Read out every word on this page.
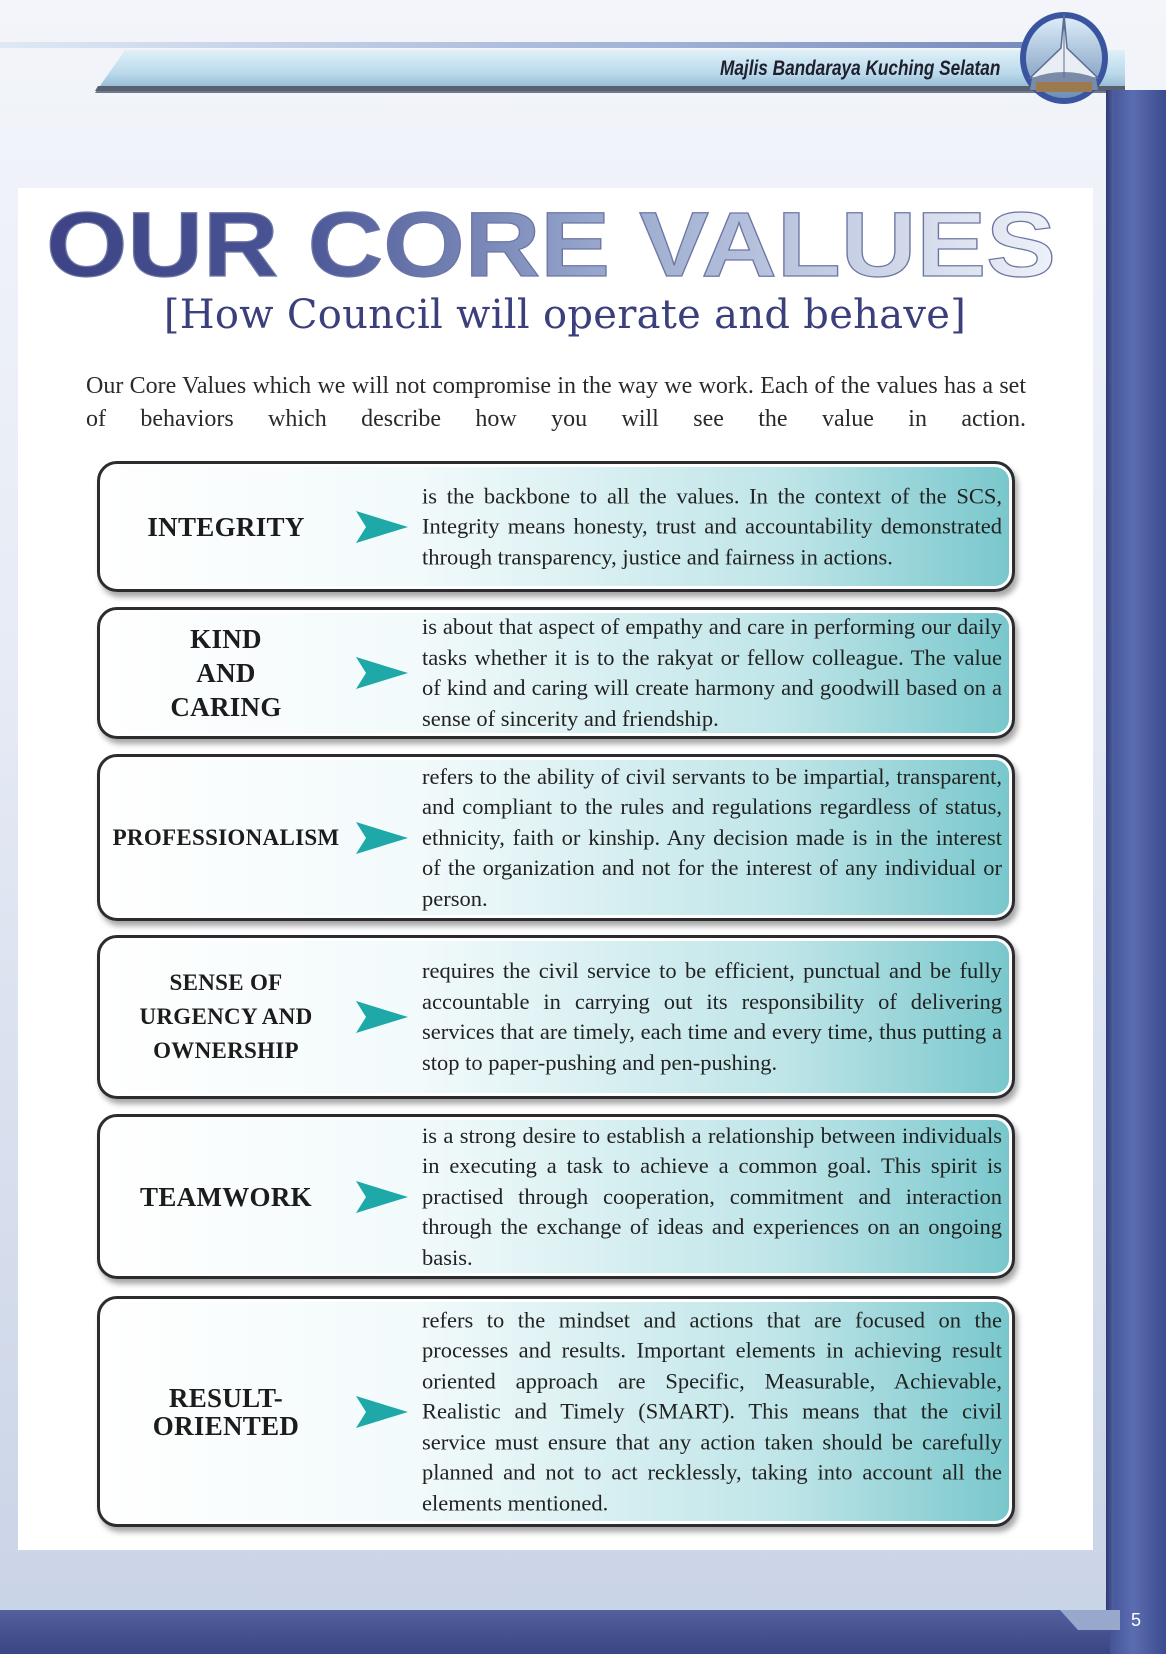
Majlis Bandaraya Kuching Selatan
OUR CORE VALUES
[How Council will operate and behave]
Our Core Values which we will not compromise in the way we work. Each of the values has a set of behaviors which describe how you will see the value in action.
INTEGRITY
is the backbone to all the values. In the context of the SCS, Integrity means honesty, trust and accountability demonstrated through transparency, justice and fairness in actions.
KIND
AND
CARING
is about that aspect of empathy and care in performing our daily tasks whether it is to the rakyat or fellow colleague. The value of kind and caring will create harmony and goodwill based on a sense of sincerity and friendship.
PROFESSIONALISM
refers to the ability of civil servants to be impartial, transparent, and compliant to the rules and regulations regardless of status, ethnicity, faith or kinship. Any decision made is in the interest of the organization and not for the interest of any individual or person.
SENSE OF
URGENCY AND
OWNERSHIP
requires the civil service to be efficient, punctual and be fully accountable in carrying out its responsibility of delivering services that are timely, each time and every time, thus putting a stop to paper-pushing and pen-pushing.
TEAMWORK
is a strong desire to establish a relationship between individuals in executing a task to achieve a common goal. This spirit is practised through cooperation, commitment and interaction through the exchange of ideas and experiences on an ongoing basis.
RESULT-
ORIENTED
refers to the mindset and actions that are focused on the processes and results. Important elements in achieving result oriented approach are Specific, Measurable, Achievable, Realistic and Timely (SMART). This means that the civil service must ensure that any action taken should be carefully planned and not to act recklessly, taking into account all the elements mentioned.
5
